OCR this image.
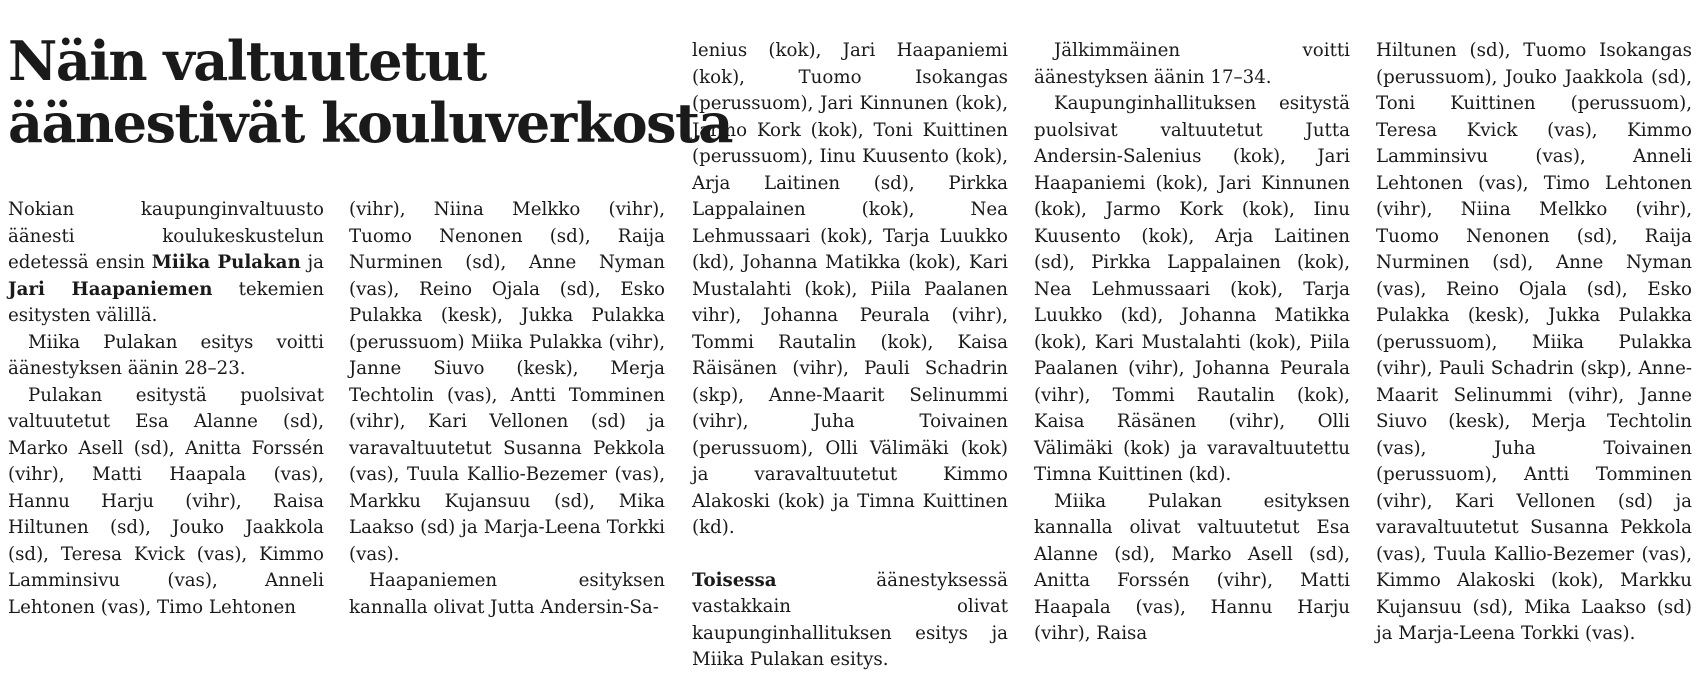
Näin valtuutetut
äänestivät kouluverkosta

Nokian kaupunginvaltuusto äänesti koulukeskustelun edetessä ensin Miika Pulakan ja Jari Haapaniemen tekemien esitysten välillä.

Miika Pulakan esitys voitti äänestyksen äänin 28–23.

Pulakan esitystä puolsivat valtuutetut Esa Alanne (sd), Marko Asell (sd), Anitta Forssén (vihr), Matti Haapala (vas), Hannu Harju (vihr), Raisa Hiltunen (sd), Jouko Jaakkola (sd), Teresa Kvick (vas), Kimmo Lamminsivu (vas), Anneli Lehtonen (vas), Timo Lehtonen

(vihr), Niina Melkko (vihr), Tuomo Nenonen (sd), Raija Nurminen (sd), Anne Nyman (vas), Reino Ojala (sd), Esko Pulakka (kesk), Jukka Pulakka (perussuom) Miika Pulakka (vihr), Janne Siuvo (kesk), Merja Techtolin (vas), Antti Tomminen (vihr), Kari Vellonen (sd) ja varavaltuutetut Susanna Pekkola (vas), Tuula Kallio-Bezemer (vas), Markku Kujansuu (sd), Mika Laakso (sd) ja Marja-Leena Torkki (vas).

Haapaniemen esityksen kannalla olivat Jutta Andersin-Sa-

lenius (kok), Jari Haapaniemi (kok), Tuomo Isokangas (perussuom), Jari Kinnunen (kok), Jarmo Kork (kok), Toni Kuittinen (perussuom), Iinu Kuusento (kok), Arja Laitinen (sd), Pirkka Lappalainen (kok), Nea Lehmussaari (kok), Tarja Luukko (kd), Johanna Matikka (kok), Kari Mustalahti (kok), Piila Paalanen vihr), Johanna Peurala (vihr), Tommi Rautalin (kok), Kaisa Räisänen (vihr), Pauli Schadrin (skp), Anne-Maarit Selinummi (vihr), Juha Toivainen (perussuom), Olli Välimäki (kok) ja varavaltuutetut Kimmo Alakoski (kok) ja Timna Kuittinen (kd).

Toisessa äänestyksessä vastakkain olivat kaupunginhallituksen esitys ja Miika Pulakan esitys.

Jälkimmäinen voitti äänestyksen äänin 17–34.

Kaupunginhallituksen esitystä puolsivat valtuutetut Jutta Andersin-Salenius (kok), Jari Haapaniemi (kok), Jari Kinnunen (kok), Jarmo Kork (kok), Iinu Kuusento (kok), Arja Laitinen (sd), Pirkka Lappalainen (kok), Nea Lehmussaari (kok), Tarja Luukko (kd), Johanna Matikka (kok), Kari Mustalahti (kok), Piila Paalanen (vihr), Johanna Peurala (vihr), Tommi Rautalin (kok), Kaisa Räsänen (vihr), Olli Välimäki (kok) ja varavaltuutettu Timna Kuittinen (kd).

Miika Pulakan esityksen kannalla olivat valtuutetut Esa Alanne (sd), Marko Asell (sd), Anitta Forssén (vihr), Matti Haapala (vas), Hannu Harju (vihr), Raisa

Hiltunen (sd), Tuomo Isokangas (perussuom), Jouko Jaakkola (sd), Toni Kuittinen (perussuom), Teresa Kvick (vas), Kimmo Lamminsivu (vas), Anneli Lehtonen (vas), Timo Lehtonen (vihr), Niina Melkko (vihr), Tuomo Nenonen (sd), Raija Nurminen (sd), Anne Nyman (vas), Reino Ojala (sd), Esko Pulakka (kesk), Jukka Pulakka (perussuom), Miika Pulakka (vihr), Pauli Schadrin (skp), Anne-Maarit Selinummi (vihr), Janne Siuvo (kesk), Merja Techtolin (vas), Juha Toivainen (perussuom), Antti Tomminen (vihr), Kari Vellonen (sd) ja varavaltuutetut Susanna Pekkola (vas), Tuula Kallio-Bezemer (vas), Kimmo Alakoski (kok), Markku Kujansuu (sd), Mika Laakso (sd) ja Marja-Leena Torkki (vas).
